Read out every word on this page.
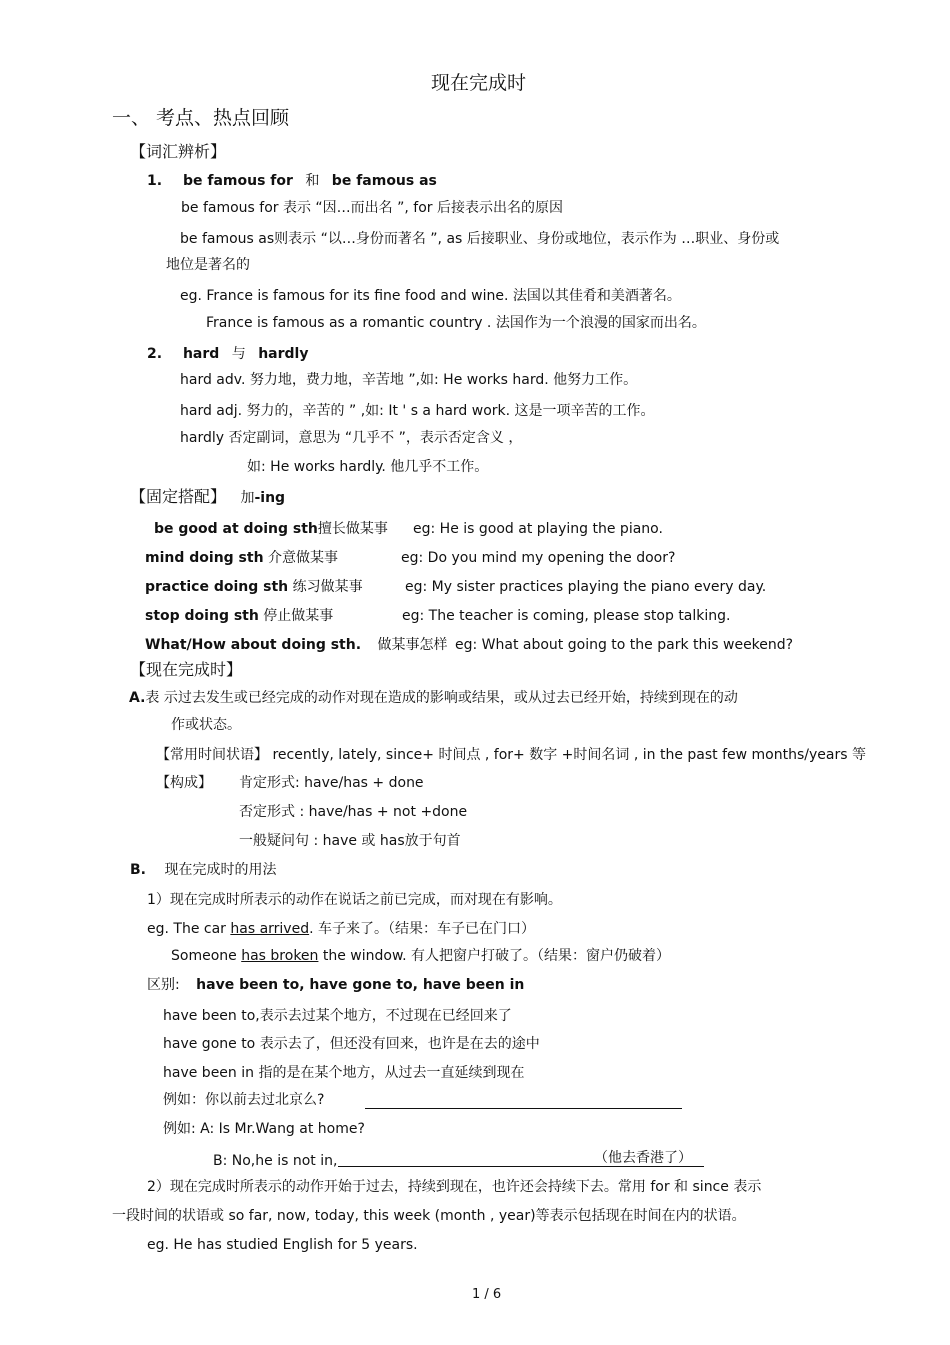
现在完成时
一、 考点、热点回顾
【词汇辨析】
1. be famous for 和 be famous as
be famous for 表示 “因…而出名 ”, for 后接表示出名的原因
be famous as则表示 “以…身份而著名 ”, as 后接职业、身份或地位，表示作为 …职业、身份或
地位是著名的
eg. France is famous for its fine food and wine. 法国以其佳肴和美酒著名。
France is famous as a romantic country . 法国作为一个浪漫的国家而出名。
2. hard 与 hardly
hard adv. 努力地，费力地，辛苦地 ”,如: He works hard. 他努力工作。
hard adj. 努力的，辛苦的 ” ,如: It ' s a hard work. 这是一项辛苦的工作。
hardly 否定副词，意思为 “几乎不 ”，表示否定含义 ，
如: He works hardly. 他几乎不工作。
【固定搭配】 加-ing
be good at doing sth擅长做某事 eg: He is good at playing the piano.
mind doing sth 介意做某事	eg: Do you mind my opening the door?
practice doing sth 练习做某事	eg: My sister practices playing the piano every day.
stop doing sth 停止做某事	eg: The teacher is coming, please stop talking.
What/How about doing sth. 做某事怎样 eg: What about going to the park this weekend?
【现在完成时】
A.表 示过去发生或已经完成的动作对现在造成的影响或结果，或从过去已经开始，持续到现在的动
作或状态。
【常用时间状语】 recently, lately, since+ 时间点 , for+ 数字 +时间名词 , in the past few months/years 等
【构成】 肯定形式: have/has + done
否定形式 : have/has + not +done
一般疑问句 : have 或 has放于句首
B. 现在完成时的用法
1）现在完成时所表示的动作在说话之前已完成，而对现在有影响。
eg. The car has arrived. 车子来了。（结果：车子已在门口）
Someone has broken the window. 有人把窗户打破了。（结果：窗户仍破着）
区别: have been to, have gone to, have been in
have been to,表示去过某个地方，不过现在已经回来了
have gone to 表示去了，但还没有回来，也许是在去的途中
have been in 指的是在某个地方，从过去一直延续到现在
例如：你以前去过北京么?
例如: A: Is Mr.Wang at home?
B: No,he is not in,	（他去香港了）
2）现在完成时所表示的动作开始于过去，持续到现在，也许还会持续下去。常用 for 和 since 表示
一段时间的状语或 so far, now, today, this week (month , year)等表示包括现在时间在内的状语。
eg. He has studied English for 5 years.
1 / 6
